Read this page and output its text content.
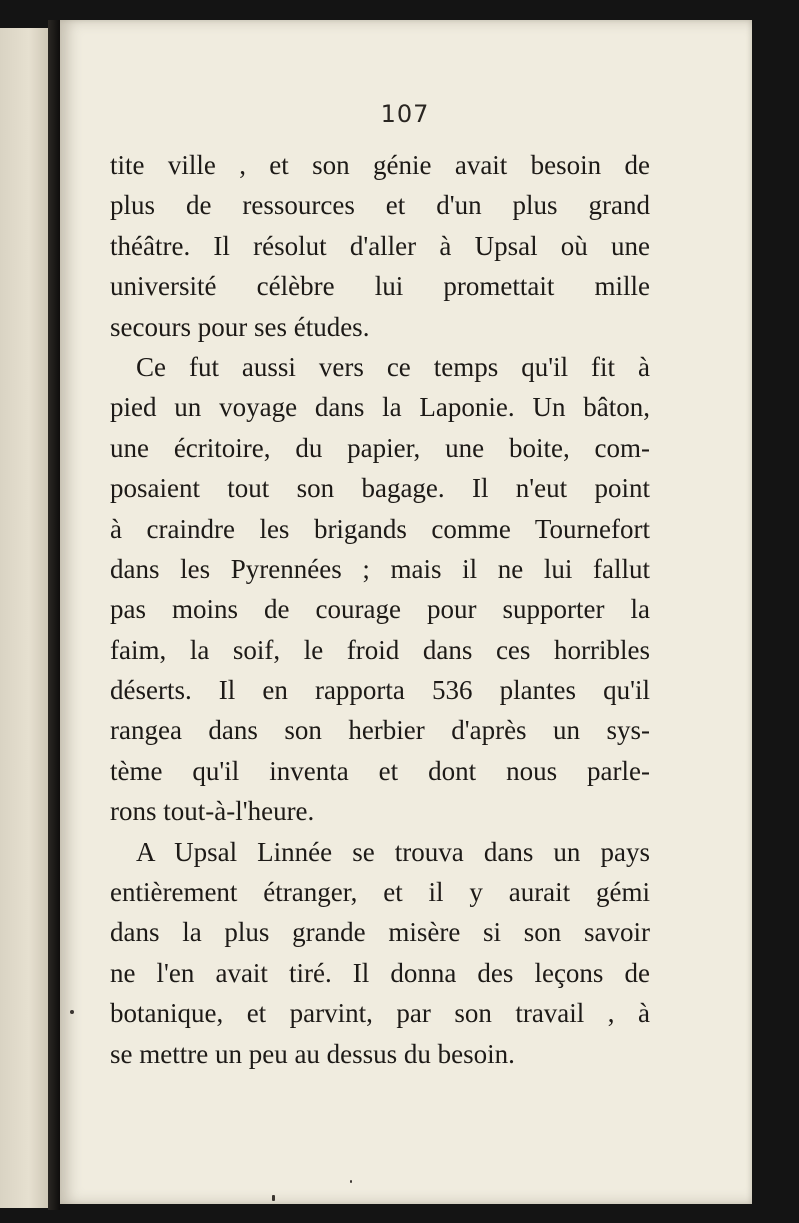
107
tite ville , et son génie avait besoin de
plus de ressources et d'un plus grand
théâtre. Il résolut d'aller à Upsal où une
université célèbre lui promettait mille
secours pour ses études.
Ce fut aussi vers ce temps qu'il fit à
pied un voyage dans la Laponie. Un bâton,
une écritoire, du papier, une boite, com-
posaient tout son bagage. Il n'eut point
à craindre les brigands comme Tournefort
dans les Pyrennées ; mais il ne lui fallut
pas moins de courage pour supporter la
faim, la soif, le froid dans ces horribles
déserts. Il en rapporta 536 plantes qu'il
rangea dans son herbier d'après un sys-
tème qu'il inventa et dont nous parle-
rons tout-à-l'heure.
A Upsal Linnée se trouva dans un pays
entièrement étranger, et il y aurait gémi
dans la plus grande misère si son savoir
ne l'en avait tiré. Il donna des leçons de
botanique, et parvint, par son travail , à
se mettre un peu au dessus du besoin.
